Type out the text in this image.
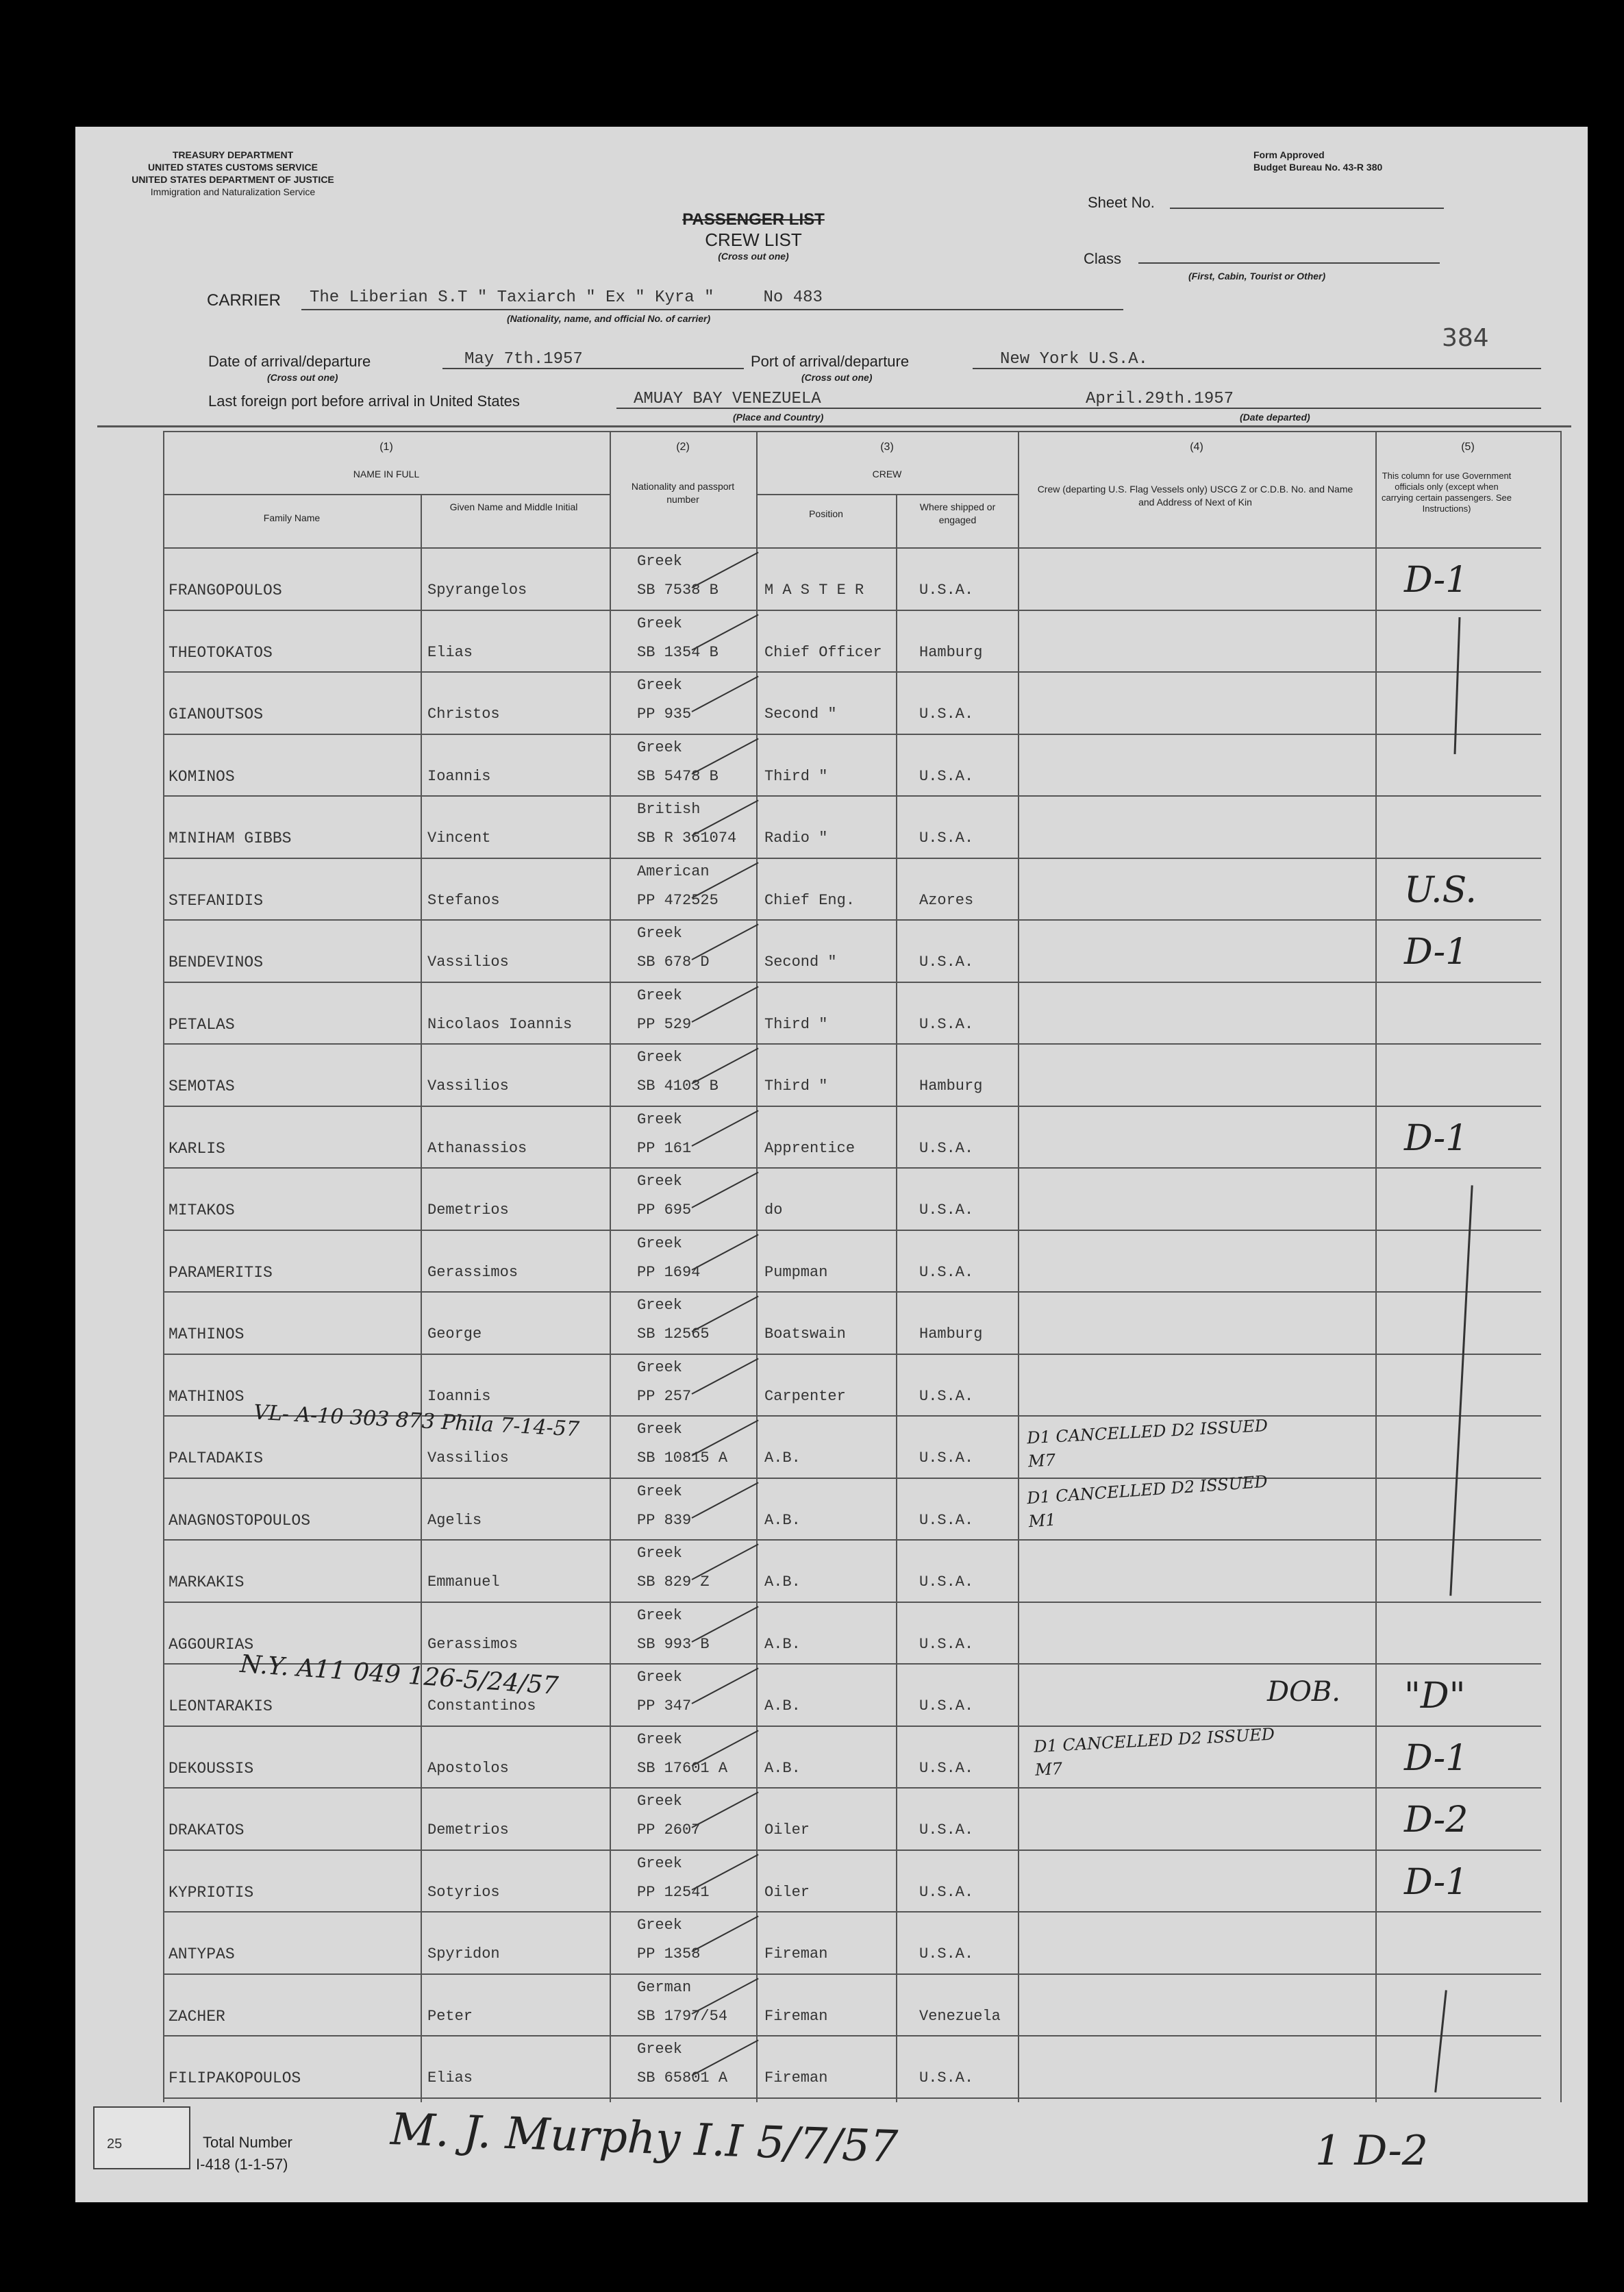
TREASURY DEPARTMENT
UNITED STATES CUSTOMS SERVICE
UNITED STATES DEPARTMENT OF JUSTICE
Immigration and Naturalization Service
Form Approved
Budget Bureau No. 43-R 380
Sheet No.
PASSENGER LIST
CREW LIST
(Cross out one)	Class
(First, Cabin, Tourist or Other)
CARRIER The Liberian S.T " Taxiarch " Ex " Kyra "     No 483
(Nationality, name, and official No. of carrier)
384
Date of arrival/departure	May 7th.1957
(Cross out one)
Port of arrival/departure	New York U.S.A.
(Cross out one)
Last foreign port before arrival in United States	AMUAY BAY VENEZUELA
(Place and Country)
April.29th.1957
(Date departed)
(1)
NAME IN FULL
Family Name
Given Name and Middle Initial
(2)
Nationality and passport number
(3)
CREW
Position
Where shipped or engaged
(4)
Crew (departing U.S. Flag Vessels only) USCG Z or C.D.B. No. and Name and Address of Next of Kin
(5)
This column for use Government officials only (except when carrying certain passengers. See Instructions)
FRANGOPOULOS	Spyrangelos
Greek
SB 7538 B	M A S T E R	U.S.A.	D-1
THEOTOKATOS	Elias
Greek
SB 1354 B	Chief Officer Hamburg
GIANOUTSOS	Christos
Greek
PP 935	Second "	U.S.A.
KOMINOS	Ioannis
Greek
SB 5478 B	Third "	U.S.A.
MINIHAM GIBBS	Vincent
British
SB R 361074 Radio "	U.S.A.
STEFANIDIS	Stefanos
American
PP 472525	Chief Eng.	Azores	U.S.
BENDEVINOS	Vassilios
Greek
SB 678 D	Second "	U.S.A.	D-1
PETALAS	Nicolaos Ioannis
Greek
PP 529	Third "	U.S.A.
SEMOTAS	Vassilios
Greek
SB 4103 B	Third "	Hamburg
KARLIS	Athanassios
Greek
PP 161	Apprentice	U.S.A.	D-1
MITAKOS	Demetrios
Greek
PP 695	do	U.S.A.
PARAMERITIS	Gerassimos
Greek
PP 1694	Pumpman	U.S.A.
MATHINOS	George
Greek
SB 12565	Boatswain	Hamburg
MATHINOS	Ioannis
Greek
PP 257	Carpenter	U.S.A.
PALTADAKIS	Vassilios
Greek
SB 10815 A A.B.	U.S.A.
ANAGNOSTOPOULOS	Agelis
Greek
PP 839	A.B.	U.S.A.
MARKAKIS	Emmanuel
Greek
SB 829 Z	A.B.	U.S.A.
AGGOURIAS	Gerassimos
Greek
SB 993 B	A.B.	U.S.A.
LEONTARAKIS	Constantinos
Greek
PP 347	A.B.	U.S.A.	"D"
DEKOUSSIS	Apostolos
Greek
SB 17601 A A.B.	U.S.A.	D-1
DRAKATOS	Demetrios
Greek
PP 2607	Oiler	U.S.A.	D-2
KYPRIOTIS	Sotyrios
Greek
PP 12541	Oiler	U.S.A.	D-1
ANTYPAS	Spyridon
Greek
PP 1358	Fireman	U.S.A.
ZACHER	Peter
German
SB 1797/54 Fireman	Venezuela
FILIPAKOPOULOS	Elias
Greek
SB 65801 A Fireman	U.S.A.
VL- A-10 303 873 Phila 7-14-57
N.Y. A11 049 126-5/24/57	DOB.
D1 CANCELLED D2 ISSUED M7
D1 CANCELLED D2 ISSUED M1
D1 CANCELLED D2 ISSUED M7
25	Total Number
I-418 (1-1-57) M. J. Murphy I.I 5/7/57	1 D-2
